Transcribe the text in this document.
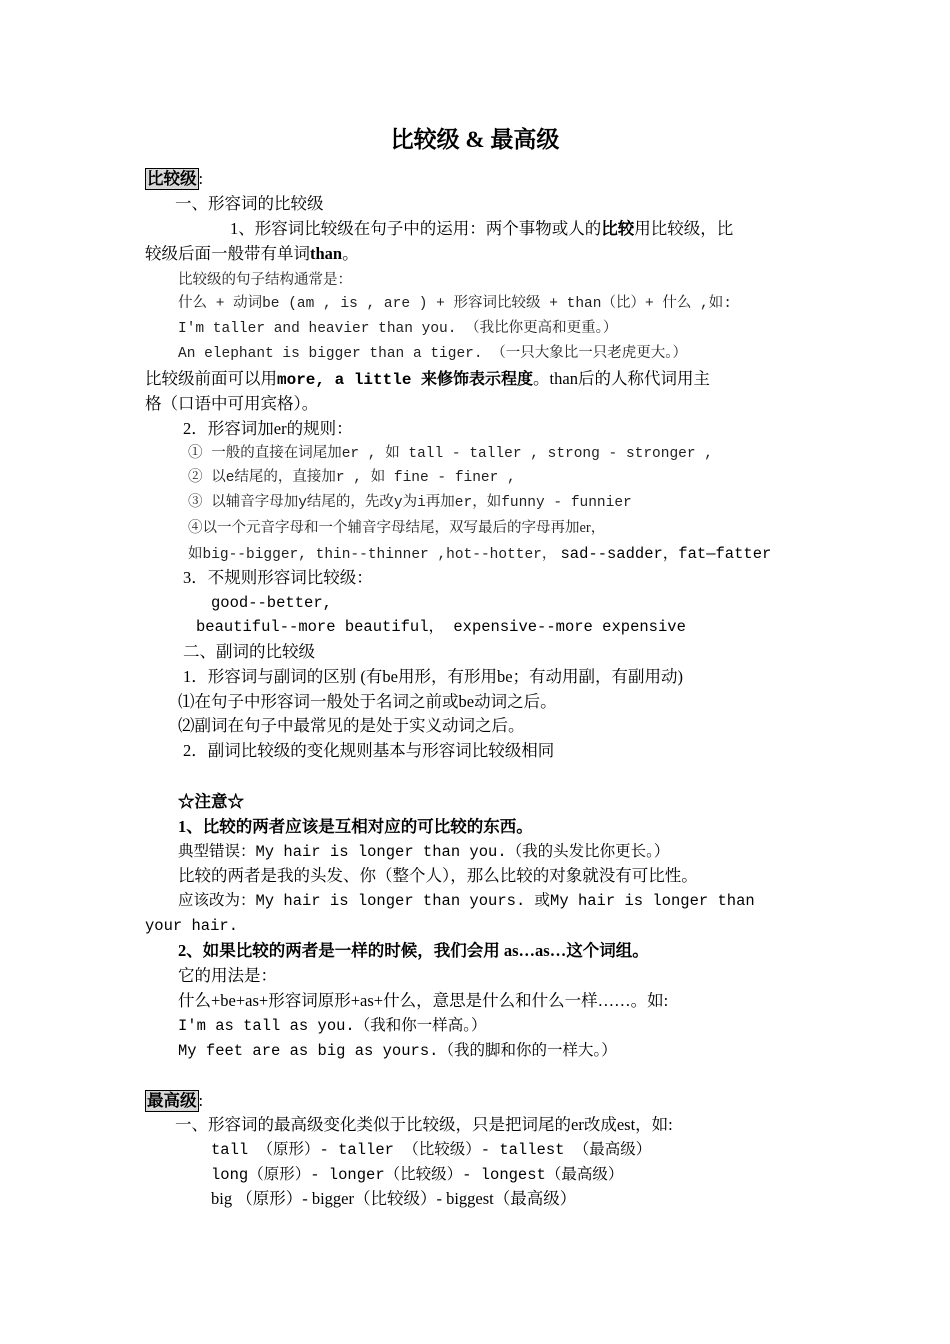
比较级 & 最高级
比较级 :
一、形容词的比较级
1、形容词比较级在句子中的运用：两个事物或人的比较用比较级，比
较级后面一般带有单词than。
比较级的句子结构通常是：
什么 + 动词be (am , is , are ) + 形容词比较级 + than（比）+ 什么 ,如:
I'm taller and heavier than you. （我比你更高和更重。）
An elephant is bigger than a tiger. （一只大象比一只老虎更大。）
比较级前面可以用more, a little 来修饰表示程度。than后的人称代词用主
格（口语中可用宾格）。
2．形容词加er的规则：
① 一般的直接在词尾加er , 如 tall - taller , strong - stronger ,
② 以e结尾的，直接加r , 如 fine - finer ,
③ 以辅音字母加y结尾的，先改y为i再加er，如funny - funnier
④以一个元音字母和一个辅音字母结尾，双写最后的字母再加er，
如big--bigger, thin--thinner ,hot--hotter， sad--sadder，fat—fatter
3．不规则形容词比较级：
good--better,
beautiful--more beautiful， expensive--more expensive
二、副词的比较级
1．形容词与副词的区别 (有be用形，有形用be；有动用副，有副用动)
⑴在句子中形容词一般处于名词之前或be动词之后。
⑵副词在句子中最常见的是处于实义动词之后。
2．副词比较级的变化规则基本与形容词比较级相同
☆注意☆
1、比较的两者应该是互相对应的可比较的东西。
典型错误：My hair is longer than you.（我的头发比你更长。）
比较的两者是我的头发、你（整个人），那么比较的对象就没有可比性。
应该改为：My hair is longer than yours. 或My hair is longer than
your hair.
2、如果比较的两者是一样的时候，我们会用 as…as…这个词组。
它的用法是：
什么+be+as+形容词原形+as+什么，意思是什么和什么一样……。如:
I'm as tall as you.（我和你一样高。）
My feet are as big as yours.（我的脚和你的一样大。）
最高级 :
一、形容词的最高级变化类似于比较级，只是把词尾的er改成est，如:
tall （原形）- taller （比较级）- tallest （最高级）
long（原形）- longer（比较级）- longest（最高级）
big （原形）- bigger（比较级）- biggest（最高级）
